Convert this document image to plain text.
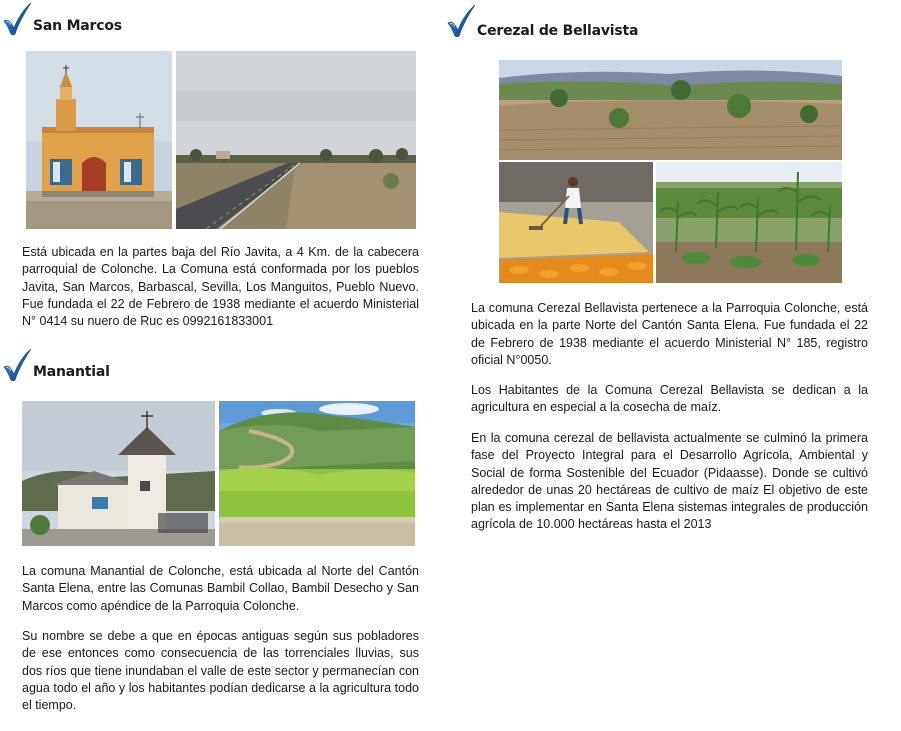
San Marcos

Está ubicada en la partes baja del Río Javita, a 4 Km. de la cabecera parroquial de Colonche. La Comuna está conformada por los pueblos Javita, San Marcos, Barbascal, Sevilla, Los Manguitos, Pueblo Nuevo. Fue fundada el 22 de Febrero de 1938 mediante el acuerdo Ministerial N° 0414 su nuero de Ruc es 0992161833001

Manantial

La comuna Manantial de Colonche, está ubicada al Norte del Cantón Santa Elena, entre las Comunas Bambil Collao, Bambil Desecho y San Marcos como apéndice de la Parroquia Colonche.

Su nombre se debe a que en épocas antiguas según sus pobladores de ese entonces como consecuencia de las torrenciales lluvias, sus dos ríos que tiene inundaban el valle de este sector y permanecían con agua todo el año y los habitantes podían dedicarse a la agricultura todo el tiempo.

Cerezal de Bellavista

La comuna Cerezal Bellavista pertenece a la Parroquia Colonche, está ubicada en la parte Norte del Cantón Santa Elena. Fue fundada el 22 de Febrero de 1938 mediante el acuerdo Ministerial N° 185, registro oficial N°0050.

Los Habitantes de la Comuna Cerezal Bellavista se dedican a la agricultura en especial a la cosecha de maíz.

En la comuna cerezal de bellavista actualmente se culminó la primera fase del Proyecto Integral para el Desarrollo Agrícola, Ambiental y Social de forma Sostenible del Ecuador (Pidaasse). Donde se cultivó alrededor de unas 20 hectáreas de cultivo de maíz El objetivo de este plan es implementar en Santa Elena sistemas integrales de producción agrícola de 10.000 hectáreas hasta el 2013
